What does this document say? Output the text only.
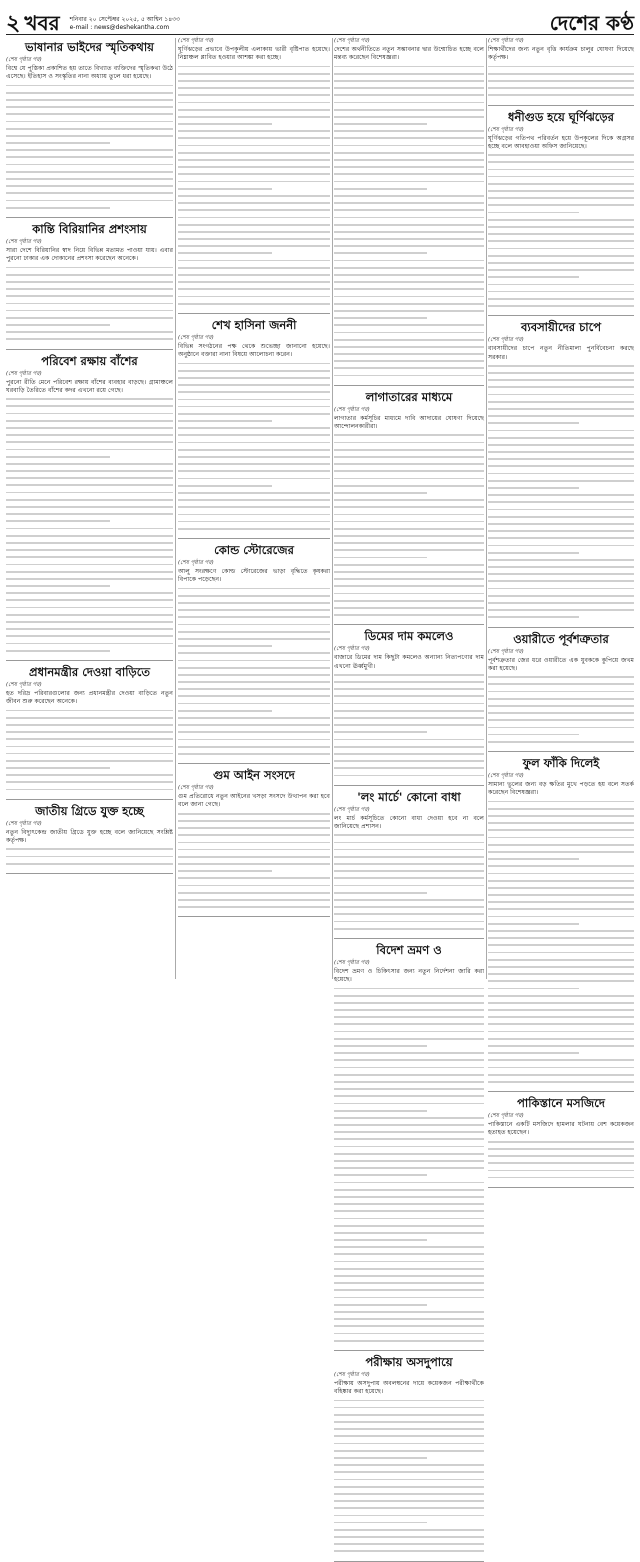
২ খবর শনিবার ২০ সেপ্টেম্বর ২০২৫, ৫ আশ্বিন ১৪৩৩
e-mail : news@deshekantha.com	দেশের কণ্ঠ
ভাষানার ভাইদের স্মৃতিকথায়
(শেষ পৃষ্ঠার পর)

বিশ্বে যে পুস্তিকা প্রকাশিত হয় তাতে বিখ্যাত ব্যক্তিদের স্মৃতিকথা উঠে এসেছে। ইতিহাস ও সংস্কৃতির নানা অধ্যায় তুলে ধরা হয়েছে।

কান্তি বিরিয়ানির প্রশংসায়
(শেষ পৃষ্ঠার পর)

সারা দেশে বিরিয়ানির স্বাদ নিয়ে বিভিন্ন মতামত পাওয়া যায়। এবার পুরনো ঢাকার এক দোকানের প্রশংসা করেছেন অনেকে।

পরিবেশ রক্ষায় বাঁশের
(শেষ পৃষ্ঠার পর)

পুরনো রীতি মেনে পরিবেশ রক্ষায় বাঁশের ব্যবহার বাড়ছে। গ্রামাঞ্চলে ঘরবাড়ি তৈরিতে বাঁশের কদর এখনো রয়ে গেছে।

প্রধানমন্ত্রীর দেওয়া বাড়িতে
(শেষ পৃষ্ঠার পর)

হত দরিদ্র পরিবারগুলোর জন্য প্রধানমন্ত্রীর দেওয়া বাড়িতে নতুন জীবন শুরু করেছেন অনেকে।

জাতীয় গ্রিডে যুক্ত হচ্ছে
(শেষ পৃষ্ঠার পর)

নতুন বিদ্যুৎকেন্দ্র জাতীয় গ্রিডে যুক্ত হচ্ছে বলে জানিয়েছে সংশ্লিষ্ট কর্তৃপক্ষ।

(শেষ পৃষ্ঠার পর)

ঘূর্ণিঝড়ের প্রভাবে উপকূলীয় এলাকায় ভারী বৃষ্টিপাত হয়েছে। নিম্নাঞ্চল প্লাবিত হওয়ার আশঙ্কা করা হচ্ছে।

শেখ হাসিনা জননী
(শেষ পৃষ্ঠার পর)

বিভিন্ন সংগঠনের পক্ষ থেকে শুভেচ্ছা জানানো হয়েছে। অনুষ্ঠানে বক্তারা নানা বিষয়ে আলোচনা করেন।

কোন্ড স্টোরেজের
(শেষ পৃষ্ঠার পর)

আলু সংরক্ষণে কোল্ড স্টোরেজের ভাড়া বৃদ্ধিতে কৃষকরা বিপাকে পড়েছেন।

গুম আইন সংসদে
(শেষ পৃষ্ঠার পর)

গুম প্রতিরোধে নতুন আইনের খসড়া সংসদে উত্থাপন করা হবে বলে জানা গেছে।

(শেষ পৃষ্ঠার পর)

দেশের অর্থনীতিতে নতুন সম্ভাবনার দ্বার উন্মোচিত হচ্ছে বলে মন্তব্য করেছেন বিশেষজ্ঞরা।

লাগাতারের মাধ্যমে
(শেষ পৃষ্ঠার পর)

লাগাতার কর্মসূচির মাধ্যমে দাবি আদায়ের ঘোষণা দিয়েছে আন্দোলনকারীরা।

ডিমের দাম কমলেও
(শেষ পৃষ্ঠার পর)

বাজারে ডিমের দাম কিছুটা কমলেও অন্যান্য নিত্যপণ্যের দাম এখনো ঊর্ধ্বমুখী।

'লং মার্চে' কোনো বাধা
(শেষ পৃষ্ঠার পর)

লং মার্চ কর্মসূচিতে কোনো বাধা দেওয়া হবে না বলে জানিয়েছে প্রশাসন।

বিদেশ ভ্রমণ ও
(শেষ পৃষ্ঠার পর)

বিদেশ ভ্রমণ ও চিকিৎসার জন্য নতুন নির্দেশনা জারি করা হয়েছে।

পরীক্ষায় অসদুপায়ে
(শেষ পৃষ্ঠার পর)

পরীক্ষায় অসদুপায় অবলম্বনের দায়ে কয়েকজন পরীক্ষার্থীকে বহিষ্কার করা হয়েছে।

(শেষ পৃষ্ঠার পর)

শিক্ষার্থীদের জন্য নতুন বৃত্তি কার্যক্রম চালুর ঘোষণা দিয়েছে কর্তৃপক্ষ।

ধনীগুড হয়ে ঘূর্ণিঝড়ের
(শেষ পৃষ্ঠার পর)

ঘূর্ণিঝড়ের গতিপথ পরিবর্তন হয়ে উপকূলের দিকে অগ্রসর হচ্ছে বলে আবহাওয়া অফিস জানিয়েছে।

ব্যবসায়ীদের চাপে
(শেষ পৃষ্ঠার পর)

ব্যবসায়ীদের চাপে নতুন নীতিমালা পুনর্বিবেচনা করছে সরকার।

ওয়ারীতে পূর্বশত্রুতার
(শেষ পৃষ্ঠার পর)

পূর্বশত্রুতার জের ধরে ওয়ারীতে এক যুবককে কুপিয়ে জখম করা হয়েছে।

ফুল ফাঁকি দিলেই
(শেষ পৃষ্ঠার পর)

সামান্য ভুলের জন্য বড় ক্ষতির মুখে পড়তে হয় বলে সতর্ক করেছেন বিশেষজ্ঞরা।

পাকিস্তানে মসজিদে
(শেষ পৃষ্ঠার পর)

পাকিস্তানে একটি মসজিদে হামলার ঘটনায় বেশ কয়েকজন হতাহত হয়েছেন।
